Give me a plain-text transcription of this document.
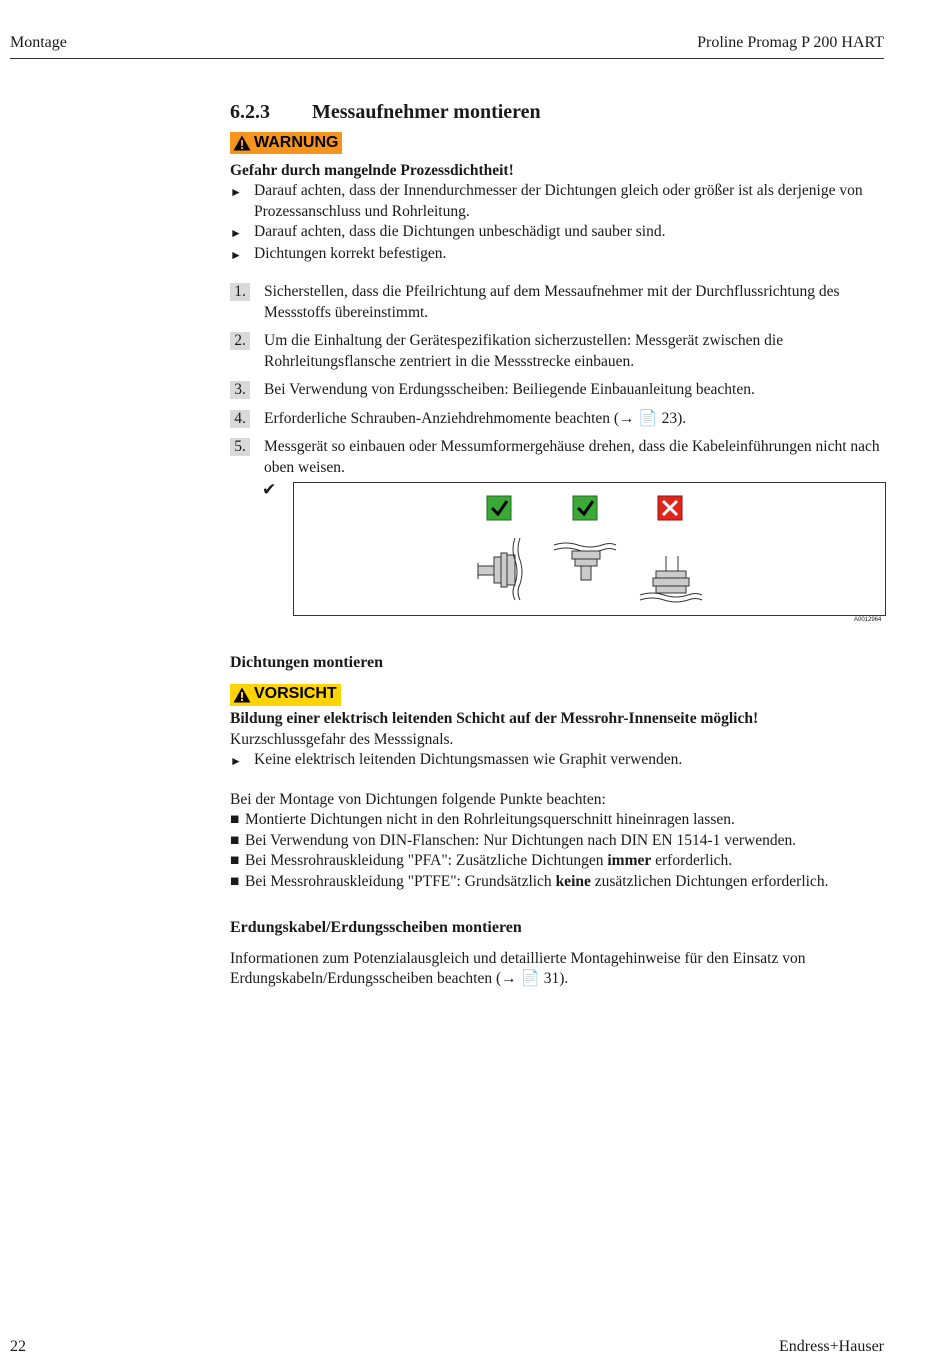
Montage	Proline Promag P 200 HART
6.2.3 Messaufnehmer montieren
WARNUNG
Gefahr durch mangelnde Prozessdichtheit!
► Darauf achten, dass der Innendurchmesser der Dichtungen gleich oder größer ist als derjenige von Prozessanschluss und Rohrleitung.
► Darauf achten, dass die Dichtungen unbeschädigt und sauber sind.
► Dichtungen korrekt befestigen.
1. Sicherstellen, dass die Pfeilrichtung auf dem Messaufnehmer mit der Durchflussrichtung des Messstoffs übereinstimmt.
2. Um die Einhaltung der Gerätespezifikation sicherzustellen: Messgerät zwischen die Rohrleitungsflansche zentriert in die Messstrecke einbauen.
3. Bei Verwendung von Erdungsscheiben: Beiliegende Einbauanleitung beachten.
4. Erforderliche Schrauben-Anziehdrehmomente beachten (→ 📄 23).
5. Messgerät so einbauen oder Messumformergehäuse drehen, dass die Kabeleinführungen nicht nach oben weisen.
✔
A0012964
Dichtungen montieren
VORSICHT
Bildung einer elektrisch leitenden Schicht auf der Messrohr-Innenseite möglich!
Kurzschlussgefahr des Messsignals.
► Keine elektrisch leitenden Dichtungsmassen wie Graphit verwenden.
Bei der Montage von Dichtungen folgende Punkte beachten:
■ Montierte Dichtungen nicht in den Rohrleitungsquerschnitt hineinragen lassen.
■ Bei Verwendung von DIN-Flanschen: Nur Dichtungen nach DIN EN 1514-1 verwenden.
■ Bei Messrohrauskleidung "PFA": Zusätzliche Dichtungen immer erforderlich.
■ Bei Messrohrauskleidung "PTFE": Grundsätzlich keine zusätzlichen Dichtungen erforderlich.
Erdungskabel/Erdungsscheiben montieren
Informationen zum Potenzialausgleich und detaillierte Montagehinweise für den Einsatz von Erdungskabeln/Erdungsscheiben beachten (→ 📄 31).
22	Endress+Hauser
